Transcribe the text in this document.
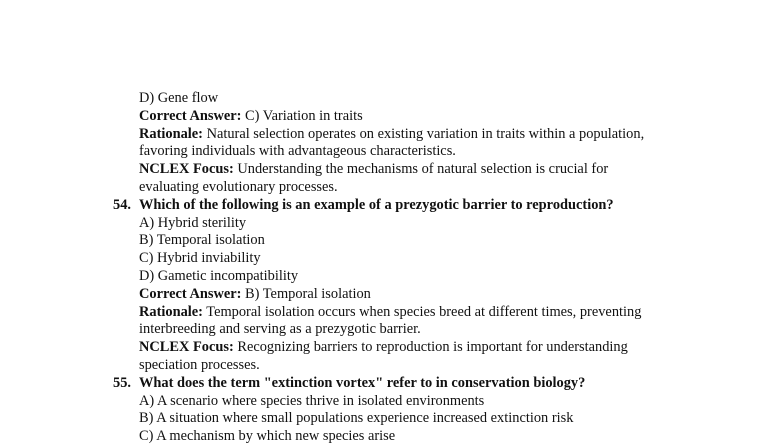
D) Gene flow
Correct Answer: C) Variation in traits
Rationale: Natural selection operates on existing variation in traits within a population,
favoring individuals with advantageous characteristics.
NCLEX Focus: Understanding the mechanisms of natural selection is crucial for
evaluating evolutionary processes.
54. Which of the following is an example of a prezygotic barrier to reproduction?
A) Hybrid sterility
B) Temporal isolation
C) Hybrid inviability
D) Gametic incompatibility
Correct Answer: B) Temporal isolation
Rationale: Temporal isolation occurs when species breed at different times, preventing
interbreeding and serving as a prezygotic barrier.
NCLEX Focus: Recognizing barriers to reproduction is important for understanding
speciation processes.
55. What does the term "extinction vortex" refer to in conservation biology?
A) A scenario where species thrive in isolated environments
B) A situation where small populations experience increased extinction risk
C) A mechanism by which new species arise
